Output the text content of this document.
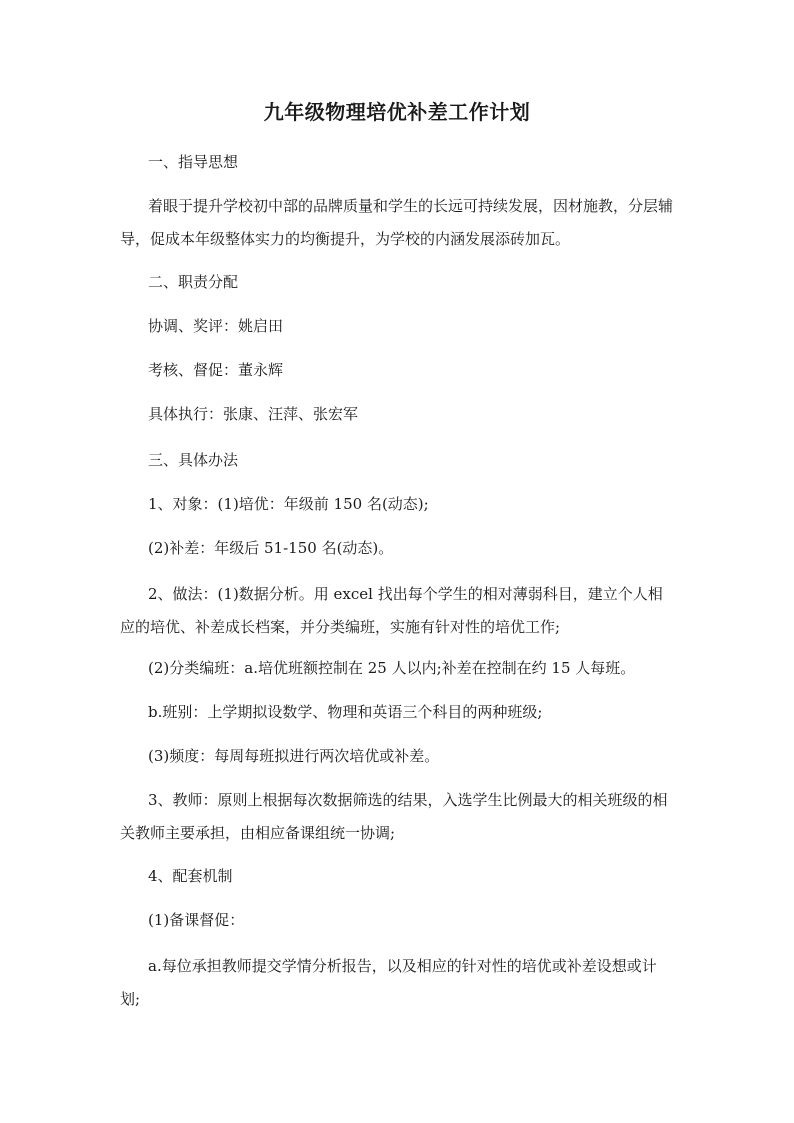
九年级物理培优补差工作计划

一、指导思想

着眼于提升学校初中部的品牌质量和学生的长远可持续发展，因材施教，分层辅导，促成本年级整体实力的均衡提升，为学校的内涵发展添砖加瓦。

二、职责分配

协调、奖评：姚启田

考核、督促：董永辉

具体执行：张康、汪萍、张宏军

三、具体办法

1、对象：(1)培优：年级前 150 名(动态);

(2)补差：年级后 51-150 名(动态)。

2、做法：(1)数据分析。用 excel 找出每个学生的相对薄弱科目，建立个人相应的培优、补差成长档案，并分类编班，实施有针对性的培优工作;

(2)分类编班：a.培优班额控制在 25 人以内;补差在控制在约 15 人每班。

b.班别：上学期拟设数学、物理和英语三个科目的两种班级;

(3)频度：每周每班拟进行两次培优或补差。

3、教师：原则上根据每次数据筛选的结果，入选学生比例最大的相关班级的相关教师主要承担，由相应备课组统一协调;

4、配套机制

(1)备课督促：

a.每位承担教师提交学情分析报告，以及相应的针对性的培优或补差设想或计划;
